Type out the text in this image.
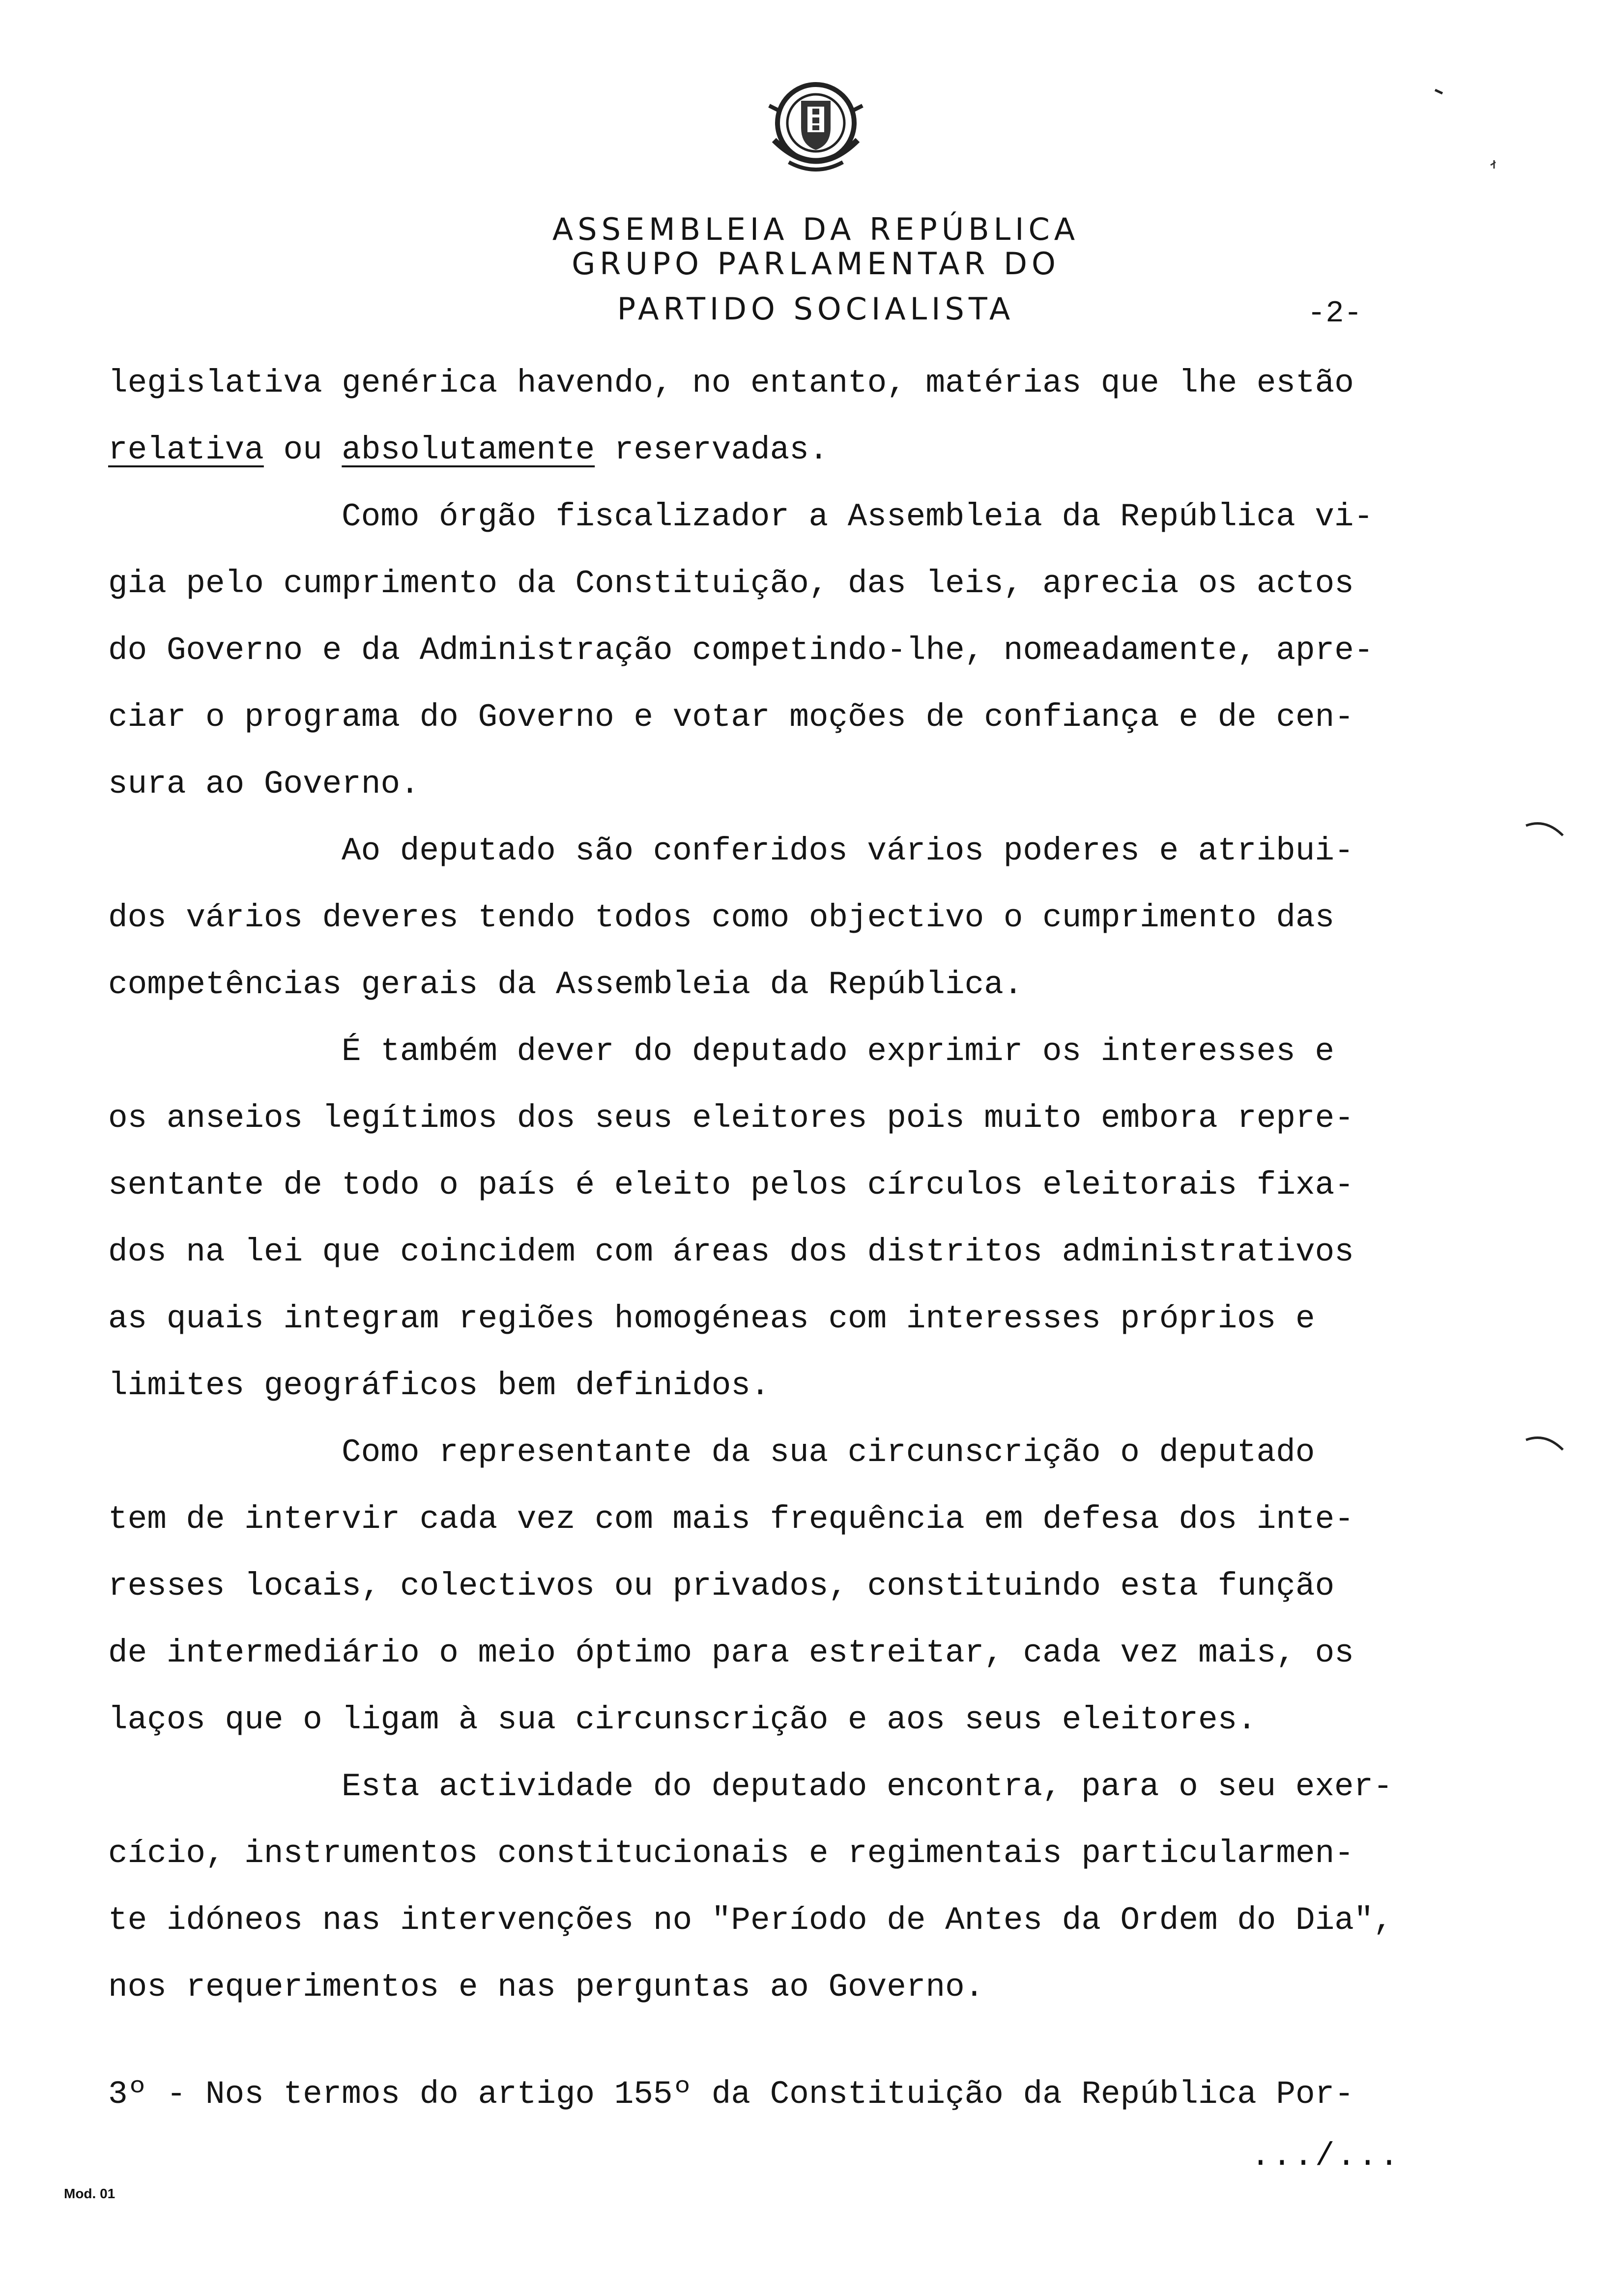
ASSEMBLEIA DA REPÚBLICA
GRUPO PARLAMENTAR DO
PARTIDO SOCIALISTA	-2-
legislativa genérica havendo, no entanto, matérias que lhe estão
relativa ou absolutamente reservadas.
Como órgão fiscalizador a Assembleia da República vi-
gia pelo cumprimento da Constituição, das leis, aprecia os actos
do Governo e da Administração competindo-lhe, nomeadamente, apre-
ciar o programa do Governo e votar moções de confiança e de cen-
sura ao Governo.
Ao deputado são conferidos vários poderes e atribui-
dos vários deveres tendo todos como objectivo o cumprimento das
competências gerais da Assembleia da República.
É também dever do deputado exprimir os interesses e
os anseios legítimos dos seus eleitores pois muito embora repre-
sentante de todo o país é eleito pelos círculos eleitorais fixa-
dos na lei que coincidem com áreas dos distritos administrativos
as quais integram regiões homogéneas com interesses próprios e
limites geográficos bem definidos.
Como representante da sua circunscrição o deputado
tem de intervir cada vez com mais frequência em defesa dos inte-
resses locais, colectivos ou privados, constituindo esta função
de intermediário o meio óptimo para estreitar, cada vez mais, os
laços que o ligam à sua circunscrição e aos seus eleitores.
Esta actividade do deputado encontra, para o seu exer-
cício, instrumentos constitucionais e regimentais particularmen-
te idóneos nas intervenções no "Período de Antes da Ordem do Dia",
nos requerimentos e nas perguntas ao Governo.
3º - Nos termos do artigo 155º da Constituição da República Por-
.../...
Mod. 01
